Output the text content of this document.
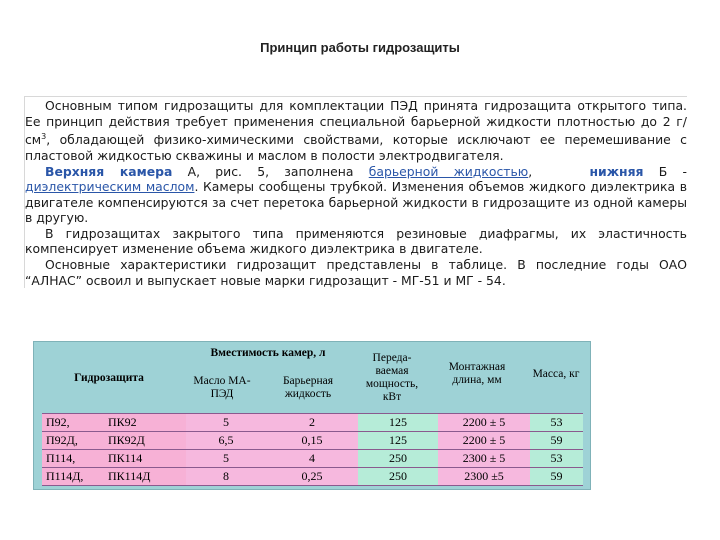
Принцип работы гидрозащиты

Основным типом гидрозащиты для комплектации ПЭД принята гидрозащита открытого типа. Ее принцип действия требует применения специальной барьерной жидкости плотностью до 2 $г/см^3$, обладающей физико-химическими свойствами, которые исключают ее перемешивание с пластовой жидкостью скважины и маслом в полости электродвигателя.

Верхняя камера А, рис. 5, заполнена барьерной жидкостью,	нижняя Б - диэлектрическим маслом. Камеры сообщены трубкой. Изменения объемов жидкого диэлектрика в двигателе компенсируются за счет перетока барьерной жидкости в гидрозащите из одной камеры в другую.

В гидрозащитах закрытого типа применяются резиновые диафрагмы, их эластичность компенсирует изменение объема жидкого диэлектрика в двигателе.

Основные характеристики гидрозащит представлены в таблице. В последние годы ОАО “АЛНАС” освоил и выпускает новые марки гидрозащит - МГ-51 и МГ - 54.

Гидрозащита
Вместимость камер, л
Масло МА-ПЭД
Барьерная жидкость
Переда- ваемая мощность, кВт
Монтажная длина, мм
Масса, кг
П92,	ПК92	5	2	125	2200 ± 5	53
П92Д,	ПК92Д	6,5	0,15	125	2200 ± 5	59
П114,	ПК114	5	4	250	2300 ± 5	53
П114Д, ПК114Д	8	0,25	250	2300 ±5	59
